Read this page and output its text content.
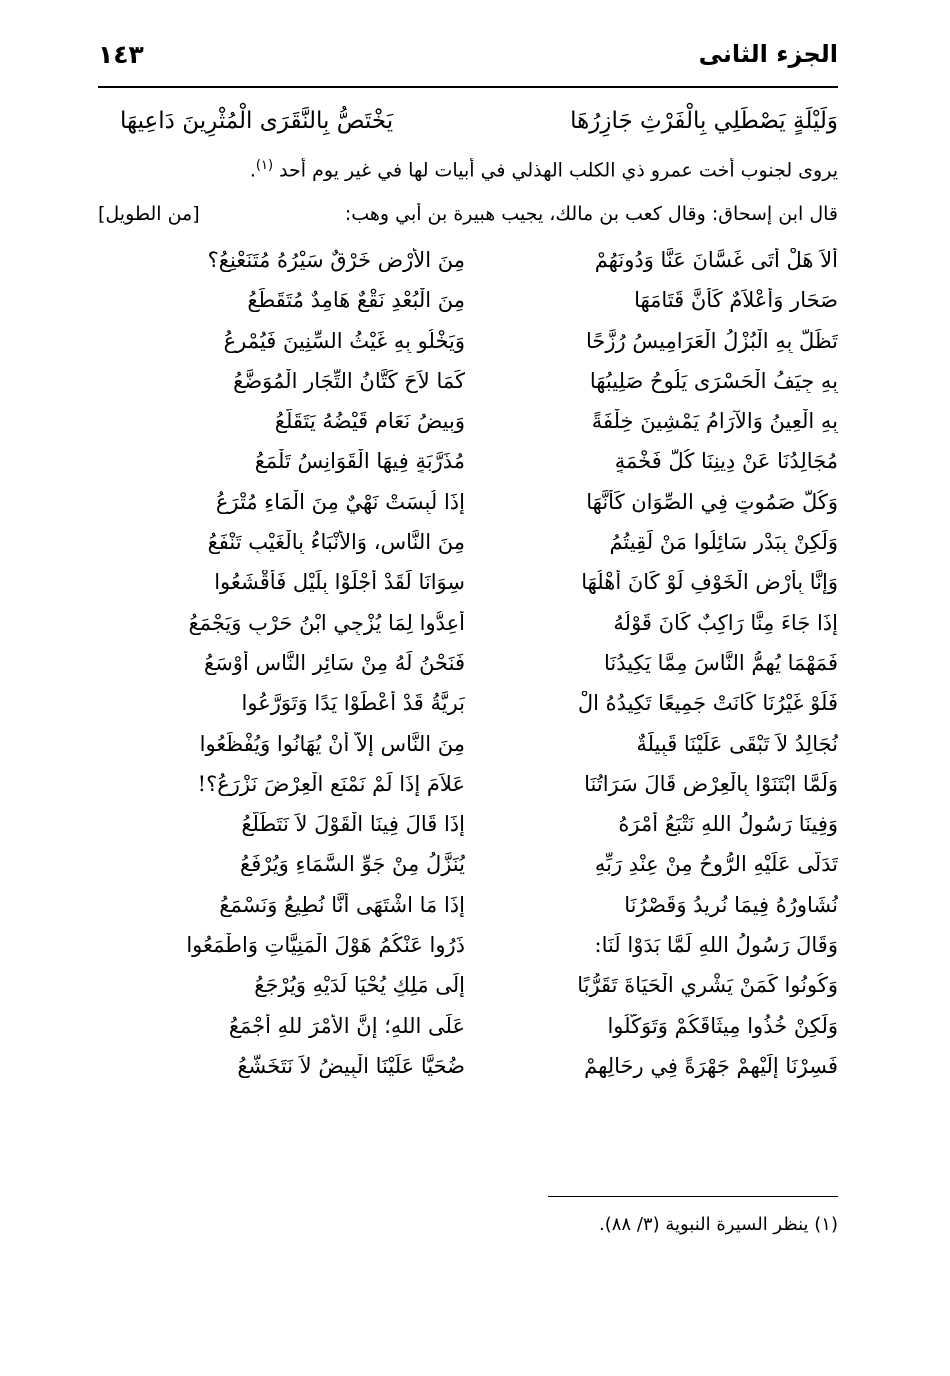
الجزء الثانى
١٤٣
وَلَيْلَةٍ يَصْطَلِي بِالْفَرْثِ جَازِرُهَا
يَخْتَصُّ بِالنَّقَرَى الْمُثْرِينَ دَاعِيهَا
يروى لجنوب أخت عمرو ذي الكلب الهذلي في أبيات لها في غير يوم أحد $^{(١)}$.
قال ابن إسحاق: وقال كعب بن مالك، يجيب هبيرة بن أبي وهب:
[من الطويل]
أَلاَ هَلْ أَتَى غَسَّانَ عَنَّا وَدُونَهُمْ
مِنَ الأَرْضِ خَرْقٌ سَيْرُهُ مُتَنَعْنِعُ؟
صَحَارٍ وَأَعْلاَمٌ كَأَنَّ قَتَامَهَا
مِنَ الْبُعْدِ نَقْعٌ هَامِدٌ مُتَقَطِّعُ
تَظَلُّ بِهِ الْبُزْلُ الْعَرَامِيسُ رُزَّحًا
وَيَخْلُو بِهِ غَيْثُ السِّنِينَ فَيُمْرِعُ
بِهِ جِيَفُ الْحَسْرَى يَلُوحُ صَلِيبُهَا
كَمَا لاَحَ كَتَّانُ التِّجَارِ الْمُوَضَّعُ
بِهِ الْعِينُ وَالآرَامُ يَمْشِينَ خِلْفَةً
وَبِيضُ نَعَامٍ قَيْضُهُ يَتَقَلَّعُ
مُجَالِدُنَا عَنْ دِينِنَا كُلُّ فَخْمَةٍ
مُذَرَّبَةٍ فِيهَا الْقَوَانِسُ تَلْمَعُ
وَكُلُّ صَمُوتٍ فِي الصِّوَانِ كَأَنَّهَا
إِذَا لُبِسَتْ نَهْيٌ مِنَ الْمَاءِ مُتْرَعُ
وَلَكِنْ بِبَدْرٍ سَائِلُوا مَنْ لَقِيتُمُ
مِنَ النَّاسِ، وَالأَنْبَاءُ بِالْغَيْبِ تَنْفَعُ
وَإِنَّا بِأَرْضِ الْخَوْفِ لَوْ كَانَ أَهْلُهَا
سِوَانَا لَقَدْ أَجْلَوْا بِلَيْلٍ فَأَقْشَعُوا
إِذَا جَاءَ مِنَّا رَاكِبٌ كَانَ قَوْلُهُ
أَعِدُّوا لِمَا يُزْجِي ابْنُ حَرْبٍ وَيَجْمَعُ
فَمَهْمَا يُهِمُّ النَّاسَ مِمَّا يَكِيدُنَا
فَنَحْنُ لَهُ مِنْ سَائِرِ النَّاسِ أَوْسَعُ
فَلَوْ غَيْرُنَا كَانَتْ جَمِيعًا تَكِيدُهُ الْ
بَرِيَّةُ قَدْ أَعْطَوْا يَدًا وَتَوَرَّعُوا
نُجَالِدُ لاَ تَبْقَى عَلَيْنَا قَبِيلَةٌ
مِنَ النَّاسِ إِلاَّ أَنْ يُهَانُوا وَيُفْظَعُوا
وَلَمَّا ابْتَنَوْا بِالْعِرْضِ قَالَ سَرَاتُنَا
عَلاَمَ إِذَا لَمْ نَمْنَعِ الْعِرْضَ نَزْرَعُ؟!
وَفِينَا رَسُولُ اللهِ نَتْبَعُ أَمْرَهُ
إِذَا قَالَ فِينَا الْقَوْلَ لاَ نَتَطَلَّعُ
تَدَلَّى عَلَيْهِ الرُّوحُ مِنْ عِنْدِ رَبِّهِ
يُنَزَّلُ مِنْ جَوِّ السَّمَاءِ وَيُرْفَعُ
نُشَاوِرُهُ فِيمَا نُرِيدُ وَقَصْرُنَا
إِذَا مَا اشْتَهَى أَنَّا نُطِيعُ وَنَسْمَعُ
وَقَالَ رَسُولُ اللهِ لَمَّا بَدَوْا لَنَا:
ذَرُوا عَنْكُمُ هَوْلَ الْمَنِيَّاتِ وَاطْمَعُوا
وَكُونُوا كَمَنْ يَشْرِي الْحَيَاةَ تَقَرُّبًا
إِلَى مَلِكٍ يُحْيَا لَدَيْهِ وَيُرْجَعُ
وَلَكِنْ خُذُوا مِيثَاقَكُمْ وَتَوَكَّلُوا
عَلَى اللهِ؛ إِنَّ الأَمْرَ للهِ أَجْمَعُ
فَسِرْنَا إِلَيْهِمْ جَهْرَةً فِي رِحَالِهِمْ
ضُحَيًّا عَلَيْنَا الْبِيضُ لاَ نَتَخَشَّعُ
(١) ينظر السيرة النبوية (٣/ ٨٨).
